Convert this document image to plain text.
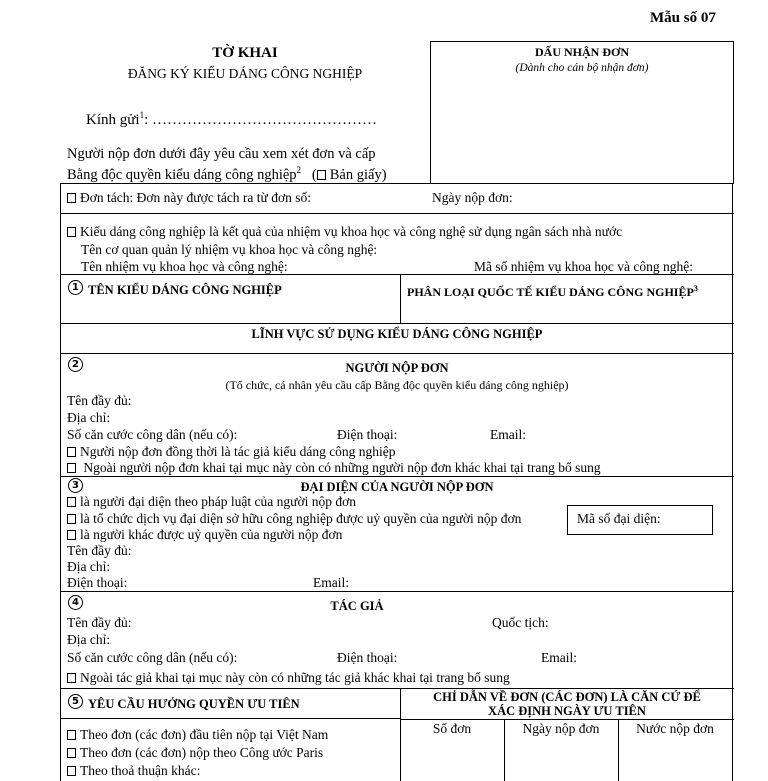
Mẫu số 07
TỜ KHAI
ĐĂNG KÝ KIỂU DÁNG CÔNG NGHIỆP
Kính gửi$^1$: ………………………………………
Người nộp đơn dưới đây yêu cầu xem xét đơn và cấp
Bằng độc quyền kiểu dáng công nghiệp$^2$ ( Bản giấy)
DẤU NHẬN ĐƠN
(Dành cho cán bộ nhận đơn)
Đơn tách: Đơn này được tách ra từ đơn số:	Ngày nộp đơn:
Kiểu dáng công nghiệp là kết quả của nhiệm vụ khoa học và công nghệ sử dụng ngân sách nhà nước
Tên cơ quan quản lý nhiệm vụ khoa học và công nghệ:
Tên nhiệm vụ khoa học và công nghệ:	Mã số nhiệm vụ khoa học và công nghệ:
1 TÊN KIỂU DÁNG CÔNG NGHIỆP	PHÂN LOẠI QUỐC TẾ KIỂU DÁNG CÔNG NGHIỆP$^3$
LĨNH VỰC SỬ DỤNG KIỂU DÁNG CÔNG NGHIỆP
2	NGƯỜI NỘP ĐƠN
(Tổ chức, cá nhân yêu cầu cấp Bằng độc quyền kiểu dáng công nghiệp)
Tên đầy đủ:
Địa chỉ:
Số căn cước công dân (nếu có):	Điện thoại:	Email:
Người nộp đơn đồng thời là tác giả kiểu dáng công nghiệp
Ngoài người nộp đơn khai tại mục này còn có những người nộp đơn khác khai tại trang bổ sung
3	ĐẠI DIỆN CỦA NGƯỜI NỘP ĐƠN
là người đại diện theo pháp luật của người nộp đơn
là tổ chức dịch vụ đại diện sở hữu công nghiệp được uỷ quyền của người nộp đơn
là người khác được uỷ quyền của người nộp đơn
Mã số đại diện:
Tên đầy đủ:
Địa chỉ:
Điện thoại:	Email:
4	TÁC GIẢ
Tên đầy đủ:	Quốc tịch:
Địa chỉ:
Số căn cước công dân (nếu có):	Điện thoại:	Email:
Ngoài tác giả khai tại mục này còn có những tác giả khác khai tại trang bổ sung
5 YÊU CẦU HƯỞNG QUYỀN ƯU TIÊN	CHỈ DẪN VỀ ĐƠN (CÁC ĐƠN) LÀ CĂN CỨ ĐỂ
XÁC ĐỊNH NGÀY ƯU TIÊN
Theo đơn (các đơn) đầu tiên nộp tại Việt Nam
Theo đơn (các đơn) nộp theo Công ước Paris
Theo thoả thuận khác:
Số đơn	Ngày nộp đơn	Nước nộp đơn
